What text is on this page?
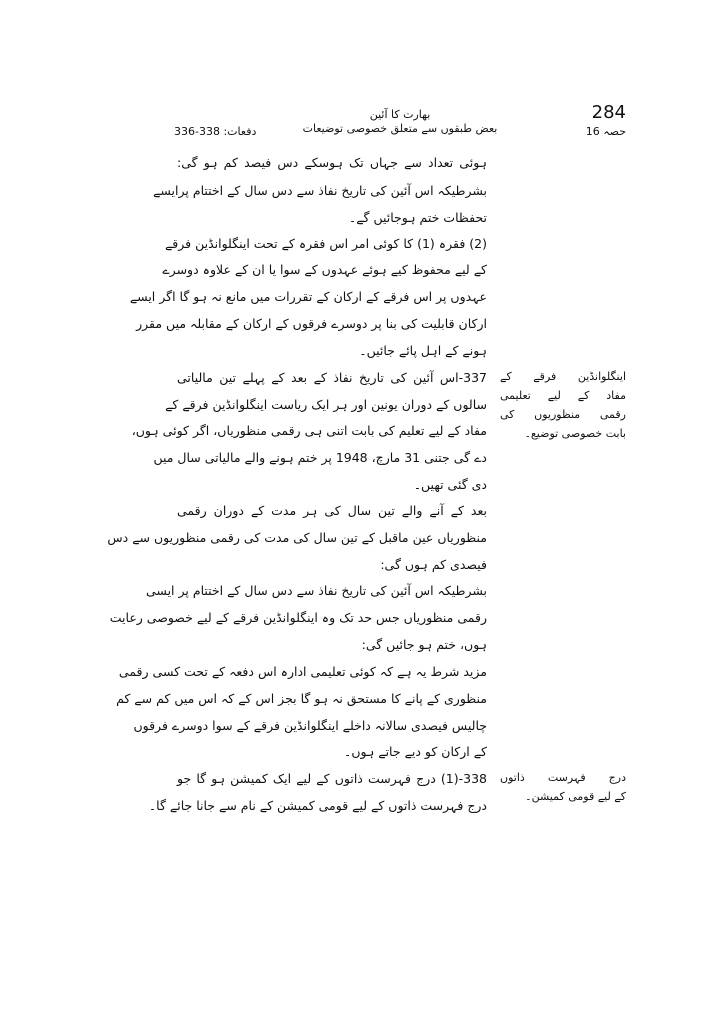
284
حصہ 16
بھارت کا آئین
بعض طبقوں سے متعلق خصوصی توضیعات
دفعات: 338-336
ہوئی تعداد سے جہاں تک ہوسکے دس فیصد کم ہو گی:
بشرطیکہ اس آئین کی تاریخ نفاذ سے دس سال کے اختتام پرایسے
تحفظات ختم ہوجائیں گے۔
(2) فقرہ (1) کا کوئی امر اس فقرہ کے تحت اینگلوانڈین فرقے
کے لیے محفوظ کیے ہوئے عہدوں کے سوا یا ان کے علاوہ دوسرے
عہدوں پر اس فرقے کے ارکان کے تقررات میں مانع نہ ہو گا اگر ایسے
ارکان قابلیت کی بنا پر دوسرے فرقوں کے ارکان کے مقابلہ میں مقرر
ہونے کے اہل پائے جائیں۔
337-اس آئین کی تاریخ نفاذ کے بعد کے پہلے تین مالیاتی
سالوں کے دوران یونین اور ہر ایک ریاست اینگلوانڈین فرقے کے
مفاد کے لیے تعلیم کی بابت اتنی ہی رقمی منظوریاں، اگر کوئی ہوں،
دے گی جتنی 31 مارچ، 1948 پر ختم ہونے والے مالیاتی سال میں
دی گئی تھیں۔
بعد کے آنے والے تین سال کی ہر مدت کے دوران رقمی
منظوریاں عین ماقبل کے تین سال کی مدت کی رقمی منظوریوں سے دس
فیصدی کم ہوں گی:
بشرطیکہ اس آئین کی تاریخ نفاذ سے دس سال کے اختتام پر ایسی
رقمی منظوریاں جس حد تک وہ اینگلوانڈین فرقے کے لیے خصوصی رعایت
ہوں، ختم ہو جائیں گی:
مزید شرط یہ ہے کہ کوئی تعلیمی ادارہ اس دفعہ کے تحت کسی رقمی
منظوری کے پانے کا مستحق نہ ہو گا بجز اس کے کہ اس میں کم سے کم
چالیس فیصدی سالانہ داخلے اینگلوانڈین فرقے کے سوا دوسرے فرقوں
کے ارکان کو دیے جاتے ہوں۔
338-(1) درج فہرست ذاتوں کے لیے ایک کمیشن ہو گا جو
درج فہرست ذاتوں کے لیے قومی کمیشن کے نام سے جانا جائے گا۔
اینگلوانڈین فرقے کے
مفاد کے لیے تعلیمی
رقمی منظوریوں کی
بابت خصوصی توضیع۔
درج فہرست ذاتوں
کے لیے قومی کمیشن۔
